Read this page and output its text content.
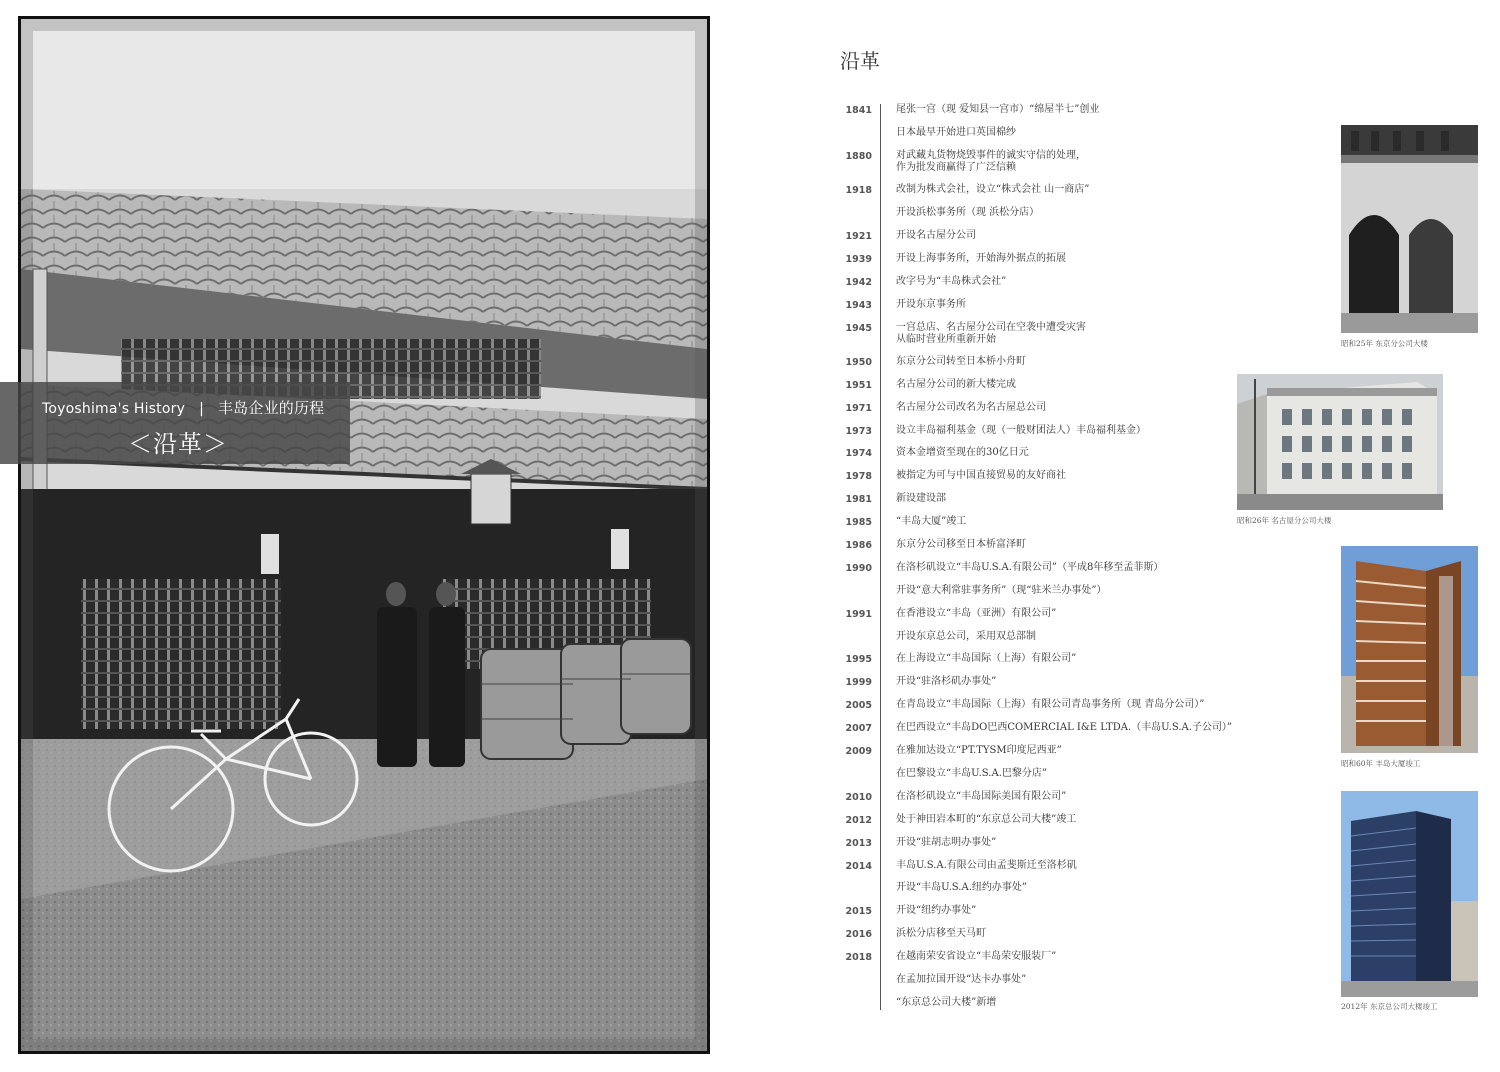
Toyoshima's History | 丰岛企业的历程
＜沿革＞
沿革
1841 尾张一宫（现 爱知县一宫市）“绵屋半七”创业
日本最早开始进口英国棉纱
1880 对武藏丸货物烧毁事件的诚实守信的处理，
作为批发商赢得了广泛信赖
1918 改制为株式会社，设立“株式会社 山一商店”
开设浜松事务所（现 浜松分店）
1921 开设名古屋分公司
1939 开设上海事务所，开始海外据点的拓展
1942 改字号为“丰岛株式会社”
1943 开设东京事务所
1945 一宫总店、名古屋分公司在空袭中遭受灾害
从临时营业所重新开始
1950 东京分公司转至日本桥小舟町
1951 名古屋分公司的新大楼完成
1971 名古屋分公司改名为名古屋总公司
1973 设立丰岛福利基金（现（一般财团法人）丰岛福利基金）
1974 资本金增资至现在的30亿日元
1978 被指定为可与中国直接贸易的友好商社
1981 新设建设部
1985 “丰岛大厦”竣工
1986 东京分公司移至日本桥富泽町
1990 在洛杉矶设立“丰岛U.S.A.有限公司”（平成8年移至孟菲斯）
开设“意大利常驻事务所”（现“驻米兰办事处”）
1991 在香港设立“丰岛（亚洲）有限公司”
开设东京总公司，采用双总部制
1995 在上海设立“丰岛国际（上海）有限公司”
1999 开设“驻洛杉矶办事处”
2005 在青岛设立“丰岛国际（上海）有限公司青岛事务所（现 青岛分公司）”
2007 在巴西设立“丰岛DO巴西COMERCIAL I&E LTDA.（丰岛U.S.A.子公司）”
2009 在雅加达设立“PT.TYSM印度尼西亚”
在巴黎设立“丰岛U.S.A.巴黎分店”
2010 在洛杉矶设立“丰岛国际美国有限公司”
2012 处于神田岩本町的“东京总公司大楼”竣工
2013 开设“驻胡志明办事处”
2014 丰岛U.S.A.有限公司由孟斐斯迁至洛杉矶
开设“丰岛U.S.A.纽约办事处”
2015 开设“纽约办事处”
2016 浜松分店移至天马町
2018 在越南荣安省设立“丰岛荣安服装厂”
在孟加拉国开设“达卡办事处”
“东京总公司大楼”新增
昭和25年 东京分公司大楼
昭和26年 名古屋分公司大楼
昭和60年 丰岛大厦竣工
2012年 东京总公司大楼竣工
